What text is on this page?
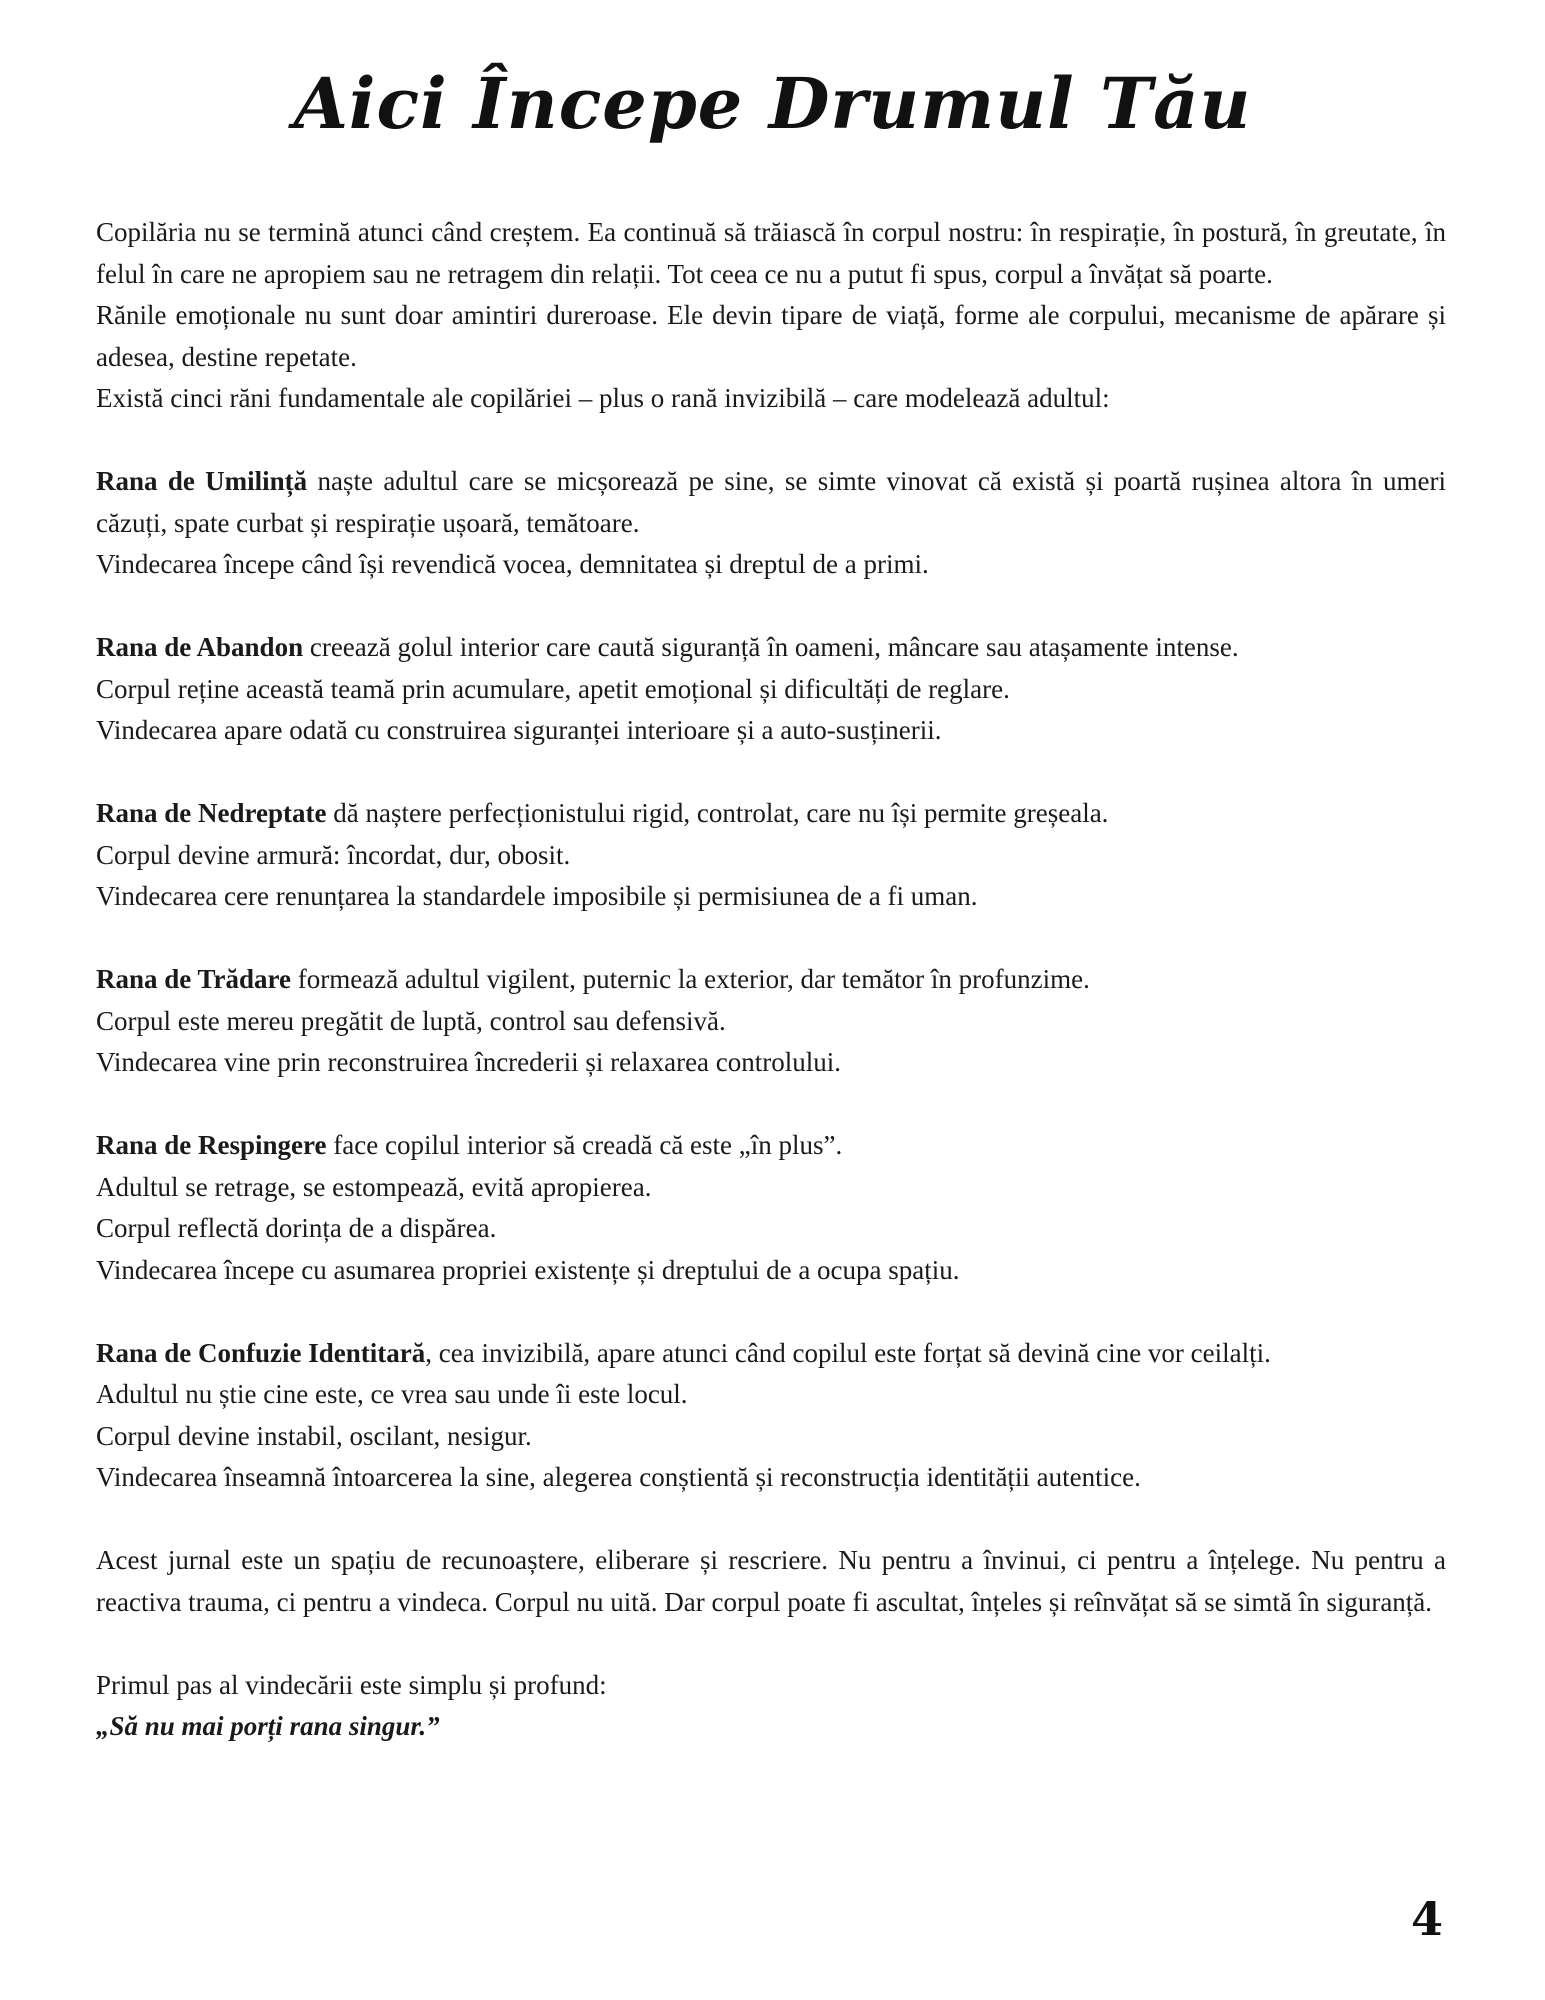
Aici Începe Drumul Tău

Copilăria nu se termină atunci când creștem. Ea continuă să trăiască în corpul nostru: în respirație, în postură, în greutate, în felul în care ne apropiem sau ne retragem din relații. Tot ceea ce nu a putut fi spus, corpul a învățat să poarte.

Rănile emoționale nu sunt doar amintiri dureroase. Ele devin tipare de viață, forme ale corpului, mecanisme de apărare și adesea, destine repetate.

Există cinci răni fundamentale ale copilăriei – plus o rană invizibilă – care modelează adultul:

Rana de Umilință naște adultul care se micșorează pe sine, se simte vinovat că există și poartă rușinea altora în umeri căzuți, spate curbat și respirație ușoară, temătoare.

Vindecarea începe când își revendică vocea, demnitatea și dreptul de a primi.

Rana de Abandon creează golul interior care caută siguranță în oameni, mâncare sau atașamente intense.

Corpul reține această teamă prin acumulare, apetit emoțional și dificultăți de reglare.

Vindecarea apare odată cu construirea siguranței interioare și a auto-susținerii.

Rana de Nedreptate dă naștere perfecționistului rigid, controlat, care nu își permite greșeala.

Corpul devine armură: încordat, dur, obosit.

Vindecarea cere renunțarea la standardele imposibile și permisiunea de a fi uman.

Rana de Trădare formează adultul vigilent, puternic la exterior, dar temător în profunzime.

Corpul este mereu pregătit de luptă, control sau defensivă.

Vindecarea vine prin reconstruirea încrederii și relaxarea controlului.

Rana de Respingere face copilul interior să creadă că este „în plus”.

Adultul se retrage, se estompează, evită apropierea.

Corpul reflectă dorința de a dispărea.

Vindecarea începe cu asumarea propriei existențe și dreptului de a ocupa spațiu.

Rana de Confuzie Identitară, cea invizibilă, apare atunci când copilul este forțat să devină cine vor ceilalți.

Adultul nu știe cine este, ce vrea sau unde îi este locul.

Corpul devine instabil, oscilant, nesigur.

Vindecarea înseamnă întoarcerea la sine, alegerea conștientă și reconstrucția identității autentice.

Acest jurnal este un spațiu de recunoaștere, eliberare și rescriere. Nu pentru a învinui, ci pentru a înțelege. Nu pentru a reactiva trauma, ci pentru a vindeca. Corpul nu uită. Dar corpul poate fi ascultat, înțeles și reînvățat să se simtă în siguranță.

Primul pas al vindecării este simplu și profund:

„Să nu mai porți rana singur.”

4
